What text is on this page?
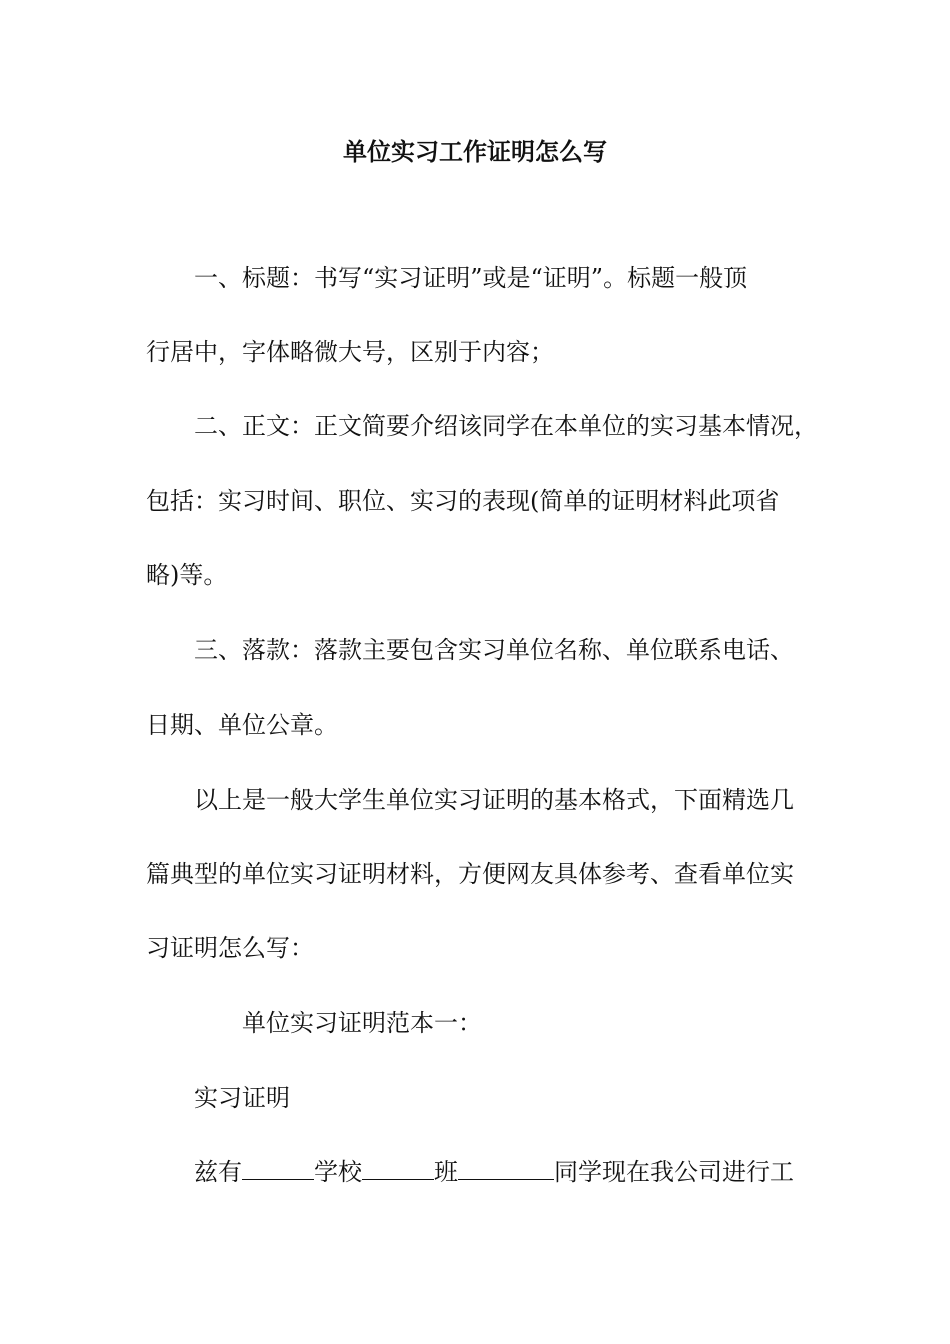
单位实习工作证明怎么写
一、标题：书写“实习证明”或是“证明”。标题一般顶
行居中，字体略微大号，区别于内容；
二、正文：正文简要介绍该同学在本单位的实习基本情况，
包括：实习时间、职位、实习的表现(简单的证明材料此项省
略)等。
三、落款：落款主要包含实习单位名称、单位联系电话、
日期、单位公章。
以上是一般大学生单位实习证明的基本格式，下面精选几
篇典型的单位实习证明材料，方便网友具体参考、查看单位实
习证明怎么写：
单位实习证明范本一：
实习证明
兹有	学校	班	同学现在我公司进行工
